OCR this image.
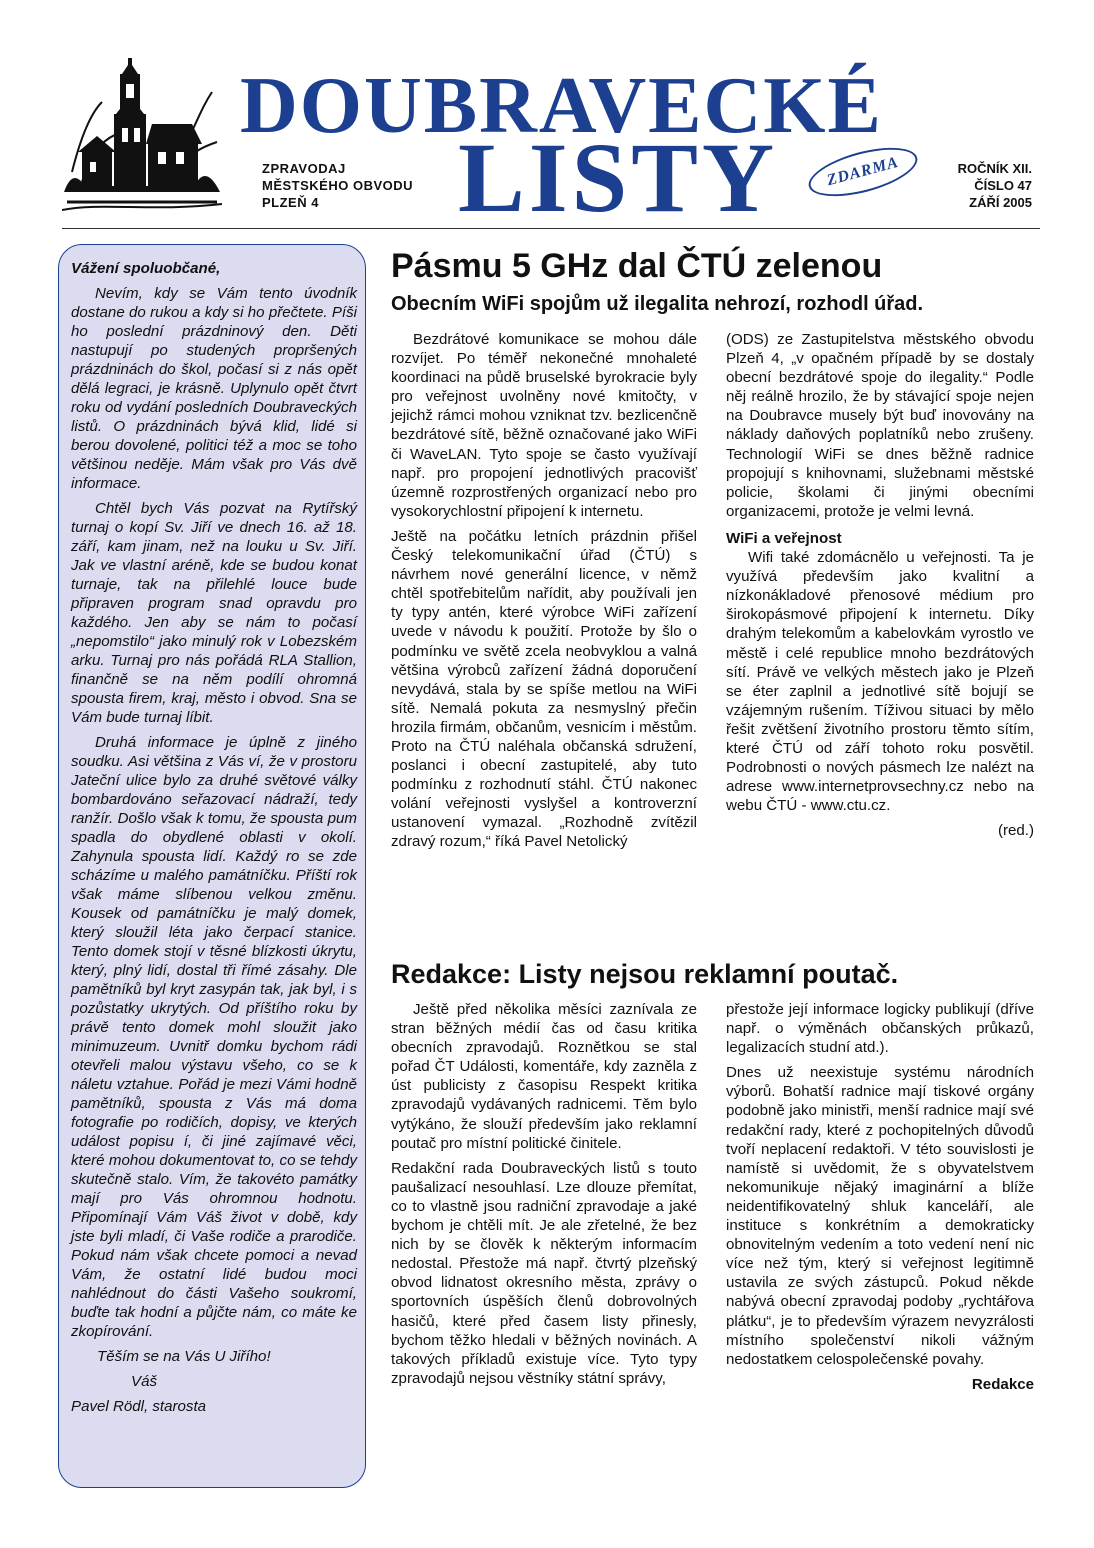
DOUBRAVECKÉ
LISTY
ZPRAVODAJ
MĚSTSKÉHO OBVODU
PLZEŇ 4
ZDARMA	ROČNÍK XII.
ČÍSLO 47
ZÁŘÍ 2005

Vážení spoluobčané,

Nevím, kdy se Vám tento úvodník dostane do rukou a kdy si ho přečtete. Píši ho poslední prázdninový den. Děti nastupují po studených propršených prázdninách do škol, počasí si z nás opět dělá legraci, je krásně. Uplynulo opět čtvrt roku od vydání posledních Doubraveckých listů. O prázdninách bývá klid, lidé si berou dovolené, politici též a moc se toho většinou neděje. Mám však pro Vás dvě informace.

Chtěl bych Vás pozvat na Rytířský turnaj o kopí Sv. Jiří ve dnech 16. až 18. září, kam jinam, než na louku u Sv. Jiří. Jak ve vlastní aréně, kde se budou konat turnaje, tak na přilehlé louce bude připraven program snad opravdu pro každého. Jen aby se nám to počasí „nepomstilo“ jako minulý rok v Lobezském arku. Turnaj pro nás pořádá RLA Stallion, finančně se na něm podílí ohromná spousta firem, kraj, město i obvod. Sna se Vám bude turnaj líbit.

Druhá informace je úplně z jiného soudku. Asi většina z Vás ví, že v prostoru Jateční ulice bylo za druhé světové války bombardováno seřazovací nádraží, tedy ranžír. Došlo však k tomu, že spousta pum spadla do obydlené oblasti v okolí. Zahynula spousta lidí. Každý ro se zde scházíme u malého památníčku. Příští rok však máme slíbenou velkou změnu. Kousek od památníčku je malý domek, který sloužil léta jako čerpací stanice. Tento domek stojí v těsné blízkosti úkrytu, který, plný lidí, dostal tři římé zásahy. Dle pamětníků byl kryt zasypán tak, jak byl, i s pozůstatky ukrytých. Od příštího roku by právě tento domek mohl sloužit jako minimuzeum. Uvnitř domku bychom rádi otevřeli malou výstavu všeho, co se k náletu vztahue. Pořád je mezi Vámi hodně pamětníků, spousta z Vás má doma fotografie po rodičích, dopisy, ve kterých událost popisu í, či jiné zajímavé věci, které mohou dokumentovat to, co se tehdy skutečně stalo. Vím, že takovéto památky mají pro Vás ohromnou hodnotu. Připomínají Vám Váš život v době, kdy jste byli mladí, či Vaše rodiče a prarodiče. Pokud nám však chcete pomoci a nevad Vám, že ostatní lidé budou moci nahlédnout do části Vašeho soukromí, buďte tak hodní a půjčte nám, co máte ke zkopírování.

Těším se na Vás U Jiřího!

Váš

Pavel Rödl, starosta

Pásmu 5 GHz dal ČTÚ zelenou
Obecním WiFi spojům už ilegalita nehrozí, rozhodl úřad.

Bezdrátové komunikace se mohou dále rozvíjet. Po téměř nekonečné mnohaleté koordinaci na půdě bruselské byrokracie byly pro veřejnost uvolněny nové kmitočty, v jejichž rámci mohou vzniknat tzv. bezlicenčně bezdrátové sítě, běžně označované jako WiFi či WaveLAN. Tyto spoje se často využívají např. pro propojení jednotlivých pracovišť územně rozprostřených organizací nebo pro vysokorychlostní připojení k internetu.

Ještě na počátku letních prázdnin přišel Český telekomunikační úřad (ČTÚ) s návrhem nové generální licence, v němž chtěl spotřebitelům nařídit, aby používali jen ty typy antén, které výrobce WiFi zařízení uvede v návodu k použití. Protože by šlo o podmínku ve světě zcela neobvyklou a valná většina výrobců zařízení žádná doporučení nevydává, stala by se spíše metlou na WiFi sítě. Nemalá pokuta za nesmyslný přečin hrozila firmám, občanům, vesnicím i městům. Proto na ČTÚ naléhala občanská sdružení, poslanci i obecní zastupitelé, aby tuto podmínku z rozhodnutí stáhl. ČTÚ nakonec volání veřejnosti vyslyšel a kontroverzní ustanovení vymazal. „Rozhodně zvítězil zdravý rozum,“ říká Pavel Netolický

(ODS) ze Zastupitelstva městského obvodu Plzeň 4, „v opačném případě by se dostaly obecní bezdrátové spoje do ilegality.“ Podle něj reálně hrozilo, že by stávající spoje nejen na Doubravce musely být buď inovovány na náklady daňových poplatníků nebo zrušeny. Technologií WiFi se dnes běžně radnice propojují s knihovnami, služebnami městské policie, školami či jinými obecními organizacemi, protože je velmi levná.

WiFi a veřejnost

Wifi také zdomácnělo u veřejnosti. Ta je využívá především jako kvalitní a nízkonákladové přenosové médium pro širokopásmové připojení k internetu. Díky drahým telekomům a kabelovkám vyrostlo ve městě i celé republice mnoho bezdrátových sítí. Právě ve velkých městech jako je Plzeň se éter zaplnil a jednotlivé sítě bojují se vzájemným rušením. Tíživou situaci by mělo řešit zvětšení životního prostoru těmto sítím, které ČTÚ od září tohoto roku posvětil. Podrobnosti o nových pásmech lze nalézt na adrese www.internetprovsechny.cz nebo na webu ČTÚ - www.ctu.cz.

(red.)

Redakce: Listy nejsou reklamní poutač.

Ještě před několika měsíci zaznívala ze stran běžných médií čas od času kritika obecních zpravodajů. Roznětkou se stal pořad ČT Události, komentáře, kdy zazněla z úst publicisty z časopisu Respekt kritika zpravodajů vydávaných radnicemi. Těm bylo vytýkáno, že slouží především jako reklamní poutač pro místní politické činitele.

Redakční rada Doubraveckých listů s touto paušalizací nesouhlasí. Lze dlouze přemítat, co to vlastně jsou radniční zpravodaje a jaké bychom je chtěli mít. Je ale zřetelné, že bez nich by se člověk k některým informacím nedostal. Přestože má např. čtvrtý plzeňský obvod lidnatost okresního města, zprávy o sportovních úspěších členů dobrovolných hasičů, které před časem listy přinesly, bychom těžko hledali v běžných novinách. A takových příkladů existuje více. Tyto typy zpravodajů nejsou věstníky státní správy,

přestože její informace logicky publikují (dříve např. o výměnách občanských průkazů, legalizacích studní atd.).

Dnes už neexistuje systému národních výborů. Bohatší radnice mají tiskové orgány podobně jako ministři, menší radnice mají své redakční rady, které z pochopitelných důvodů tvoří neplacení redaktoři. V této souvislosti je namístě si uvědomit, že s obyvatelstvem nekomunikuje nějaký imaginární a blíže neidentifikovatelný shluk kanceláří, ale instituce s konkrétním a demokraticky obnovitelným vedením a toto vedení není nic více než tým, který si veřejnost legitimně ustavila ze svých zástupců. Pokud někde nabývá obecní zpravodaj podoby „rychtářova plátku“, je to především výrazem nevyzrálosti místního společenství nikoli vážným nedostatkem celospolečenské povahy.

Redakce
